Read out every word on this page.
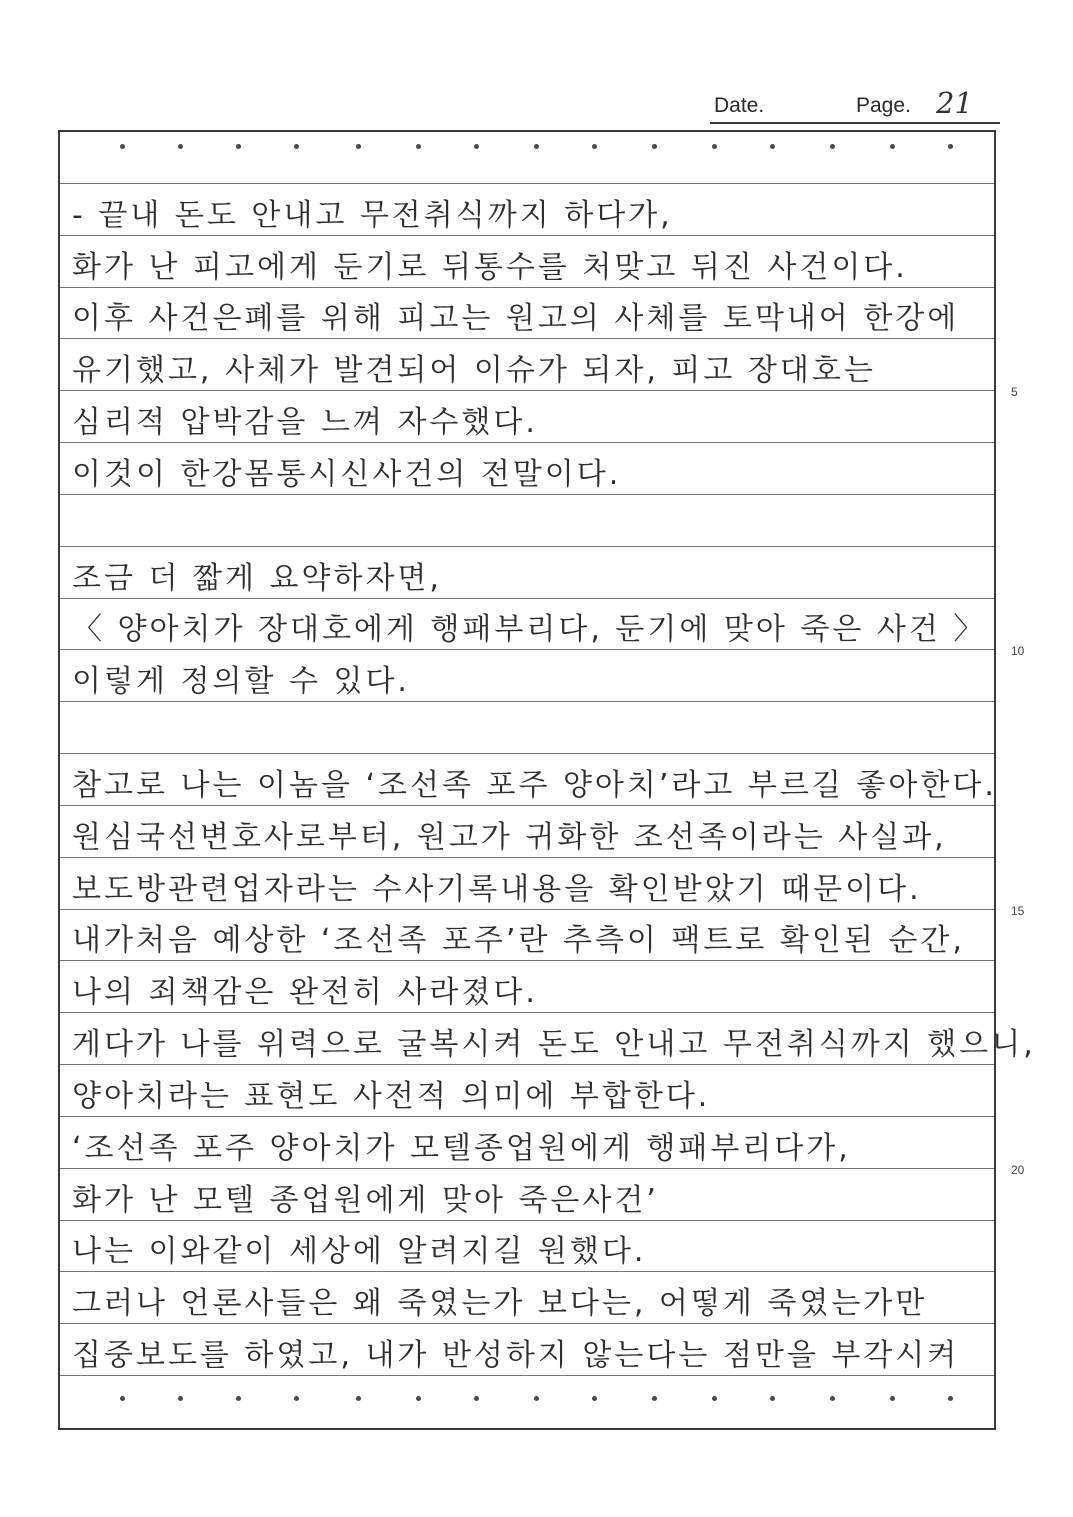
Date.	Page. 21
- 끝내 돈도 안내고 무전취식까지 하다가,
화가 난 피고에게 둔기로 뒤통수를 처맞고 뒤진 사건이다.
이후 사건은폐를 위해 피고는 원고의 사체를 토막내어 한강에
유기했고, 사체가 발견되어 이슈가 되자, 피고 장대호는
심리적 압박감을 느껴 자수했다.
이것이 한강몸통시신사건의 전말이다.
조금 더 짧게 요약하자면,
〈 양아치가 장대호에게 행패부리다, 둔기에 맞아 죽은 사건 〉
이렇게 정의할 수 있다.
참고로 나는 이놈을 ‘조선족 포주 양아치’라고 부르길 좋아한다.
원심국선변호사로부터, 원고가 귀화한 조선족이라는 사실과,
보도방관련업자라는 수사기록내용을 확인받았기 때문이다.
내가처음 예상한 ‘조선족 포주’란 추측이 팩트로 확인된 순간,
나의 죄책감은 완전히 사라졌다.
게다가 나를 위력으로 굴복시켜 돈도 안내고 무전취식까지 했으니,
양아치라는 표현도 사전적 의미에 부합한다.
‘조선족 포주 양아치가 모텔종업원에게 행패부리다가,
화가 난 모텔 종업원에게 맞아 죽은사건’
나는 이와같이 세상에 알려지길 원했다.
그러나 언론사들은 왜 죽였는가 보다는, 어떻게 죽였는가만
집중보도를 하였고, 내가 반성하지 않는다는 점만을 부각시켜
5
10
15
20
